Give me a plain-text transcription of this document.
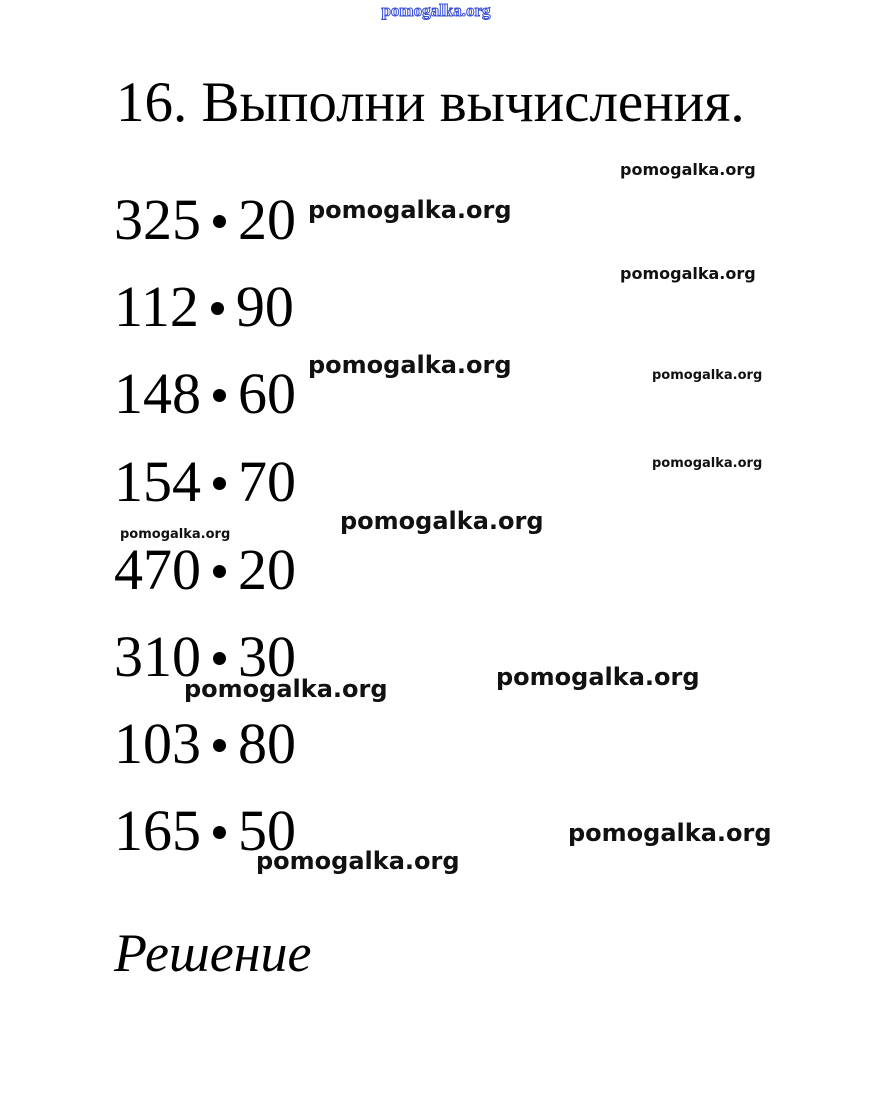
pomogalka.org
16. Выполни вычисления.
325 20
112 90
148 60
154 70
470 20
310 30
103 80
165 50
pomogalka.org
pomogalka.org
pomogalka.org
pomogalka.org	pomogalka.org
pomogalka.org
pomogalka.org
pomogalka.org
pomogalka.org
pomogalka.org
pomogalka.org
pomogalka.org
Решение
